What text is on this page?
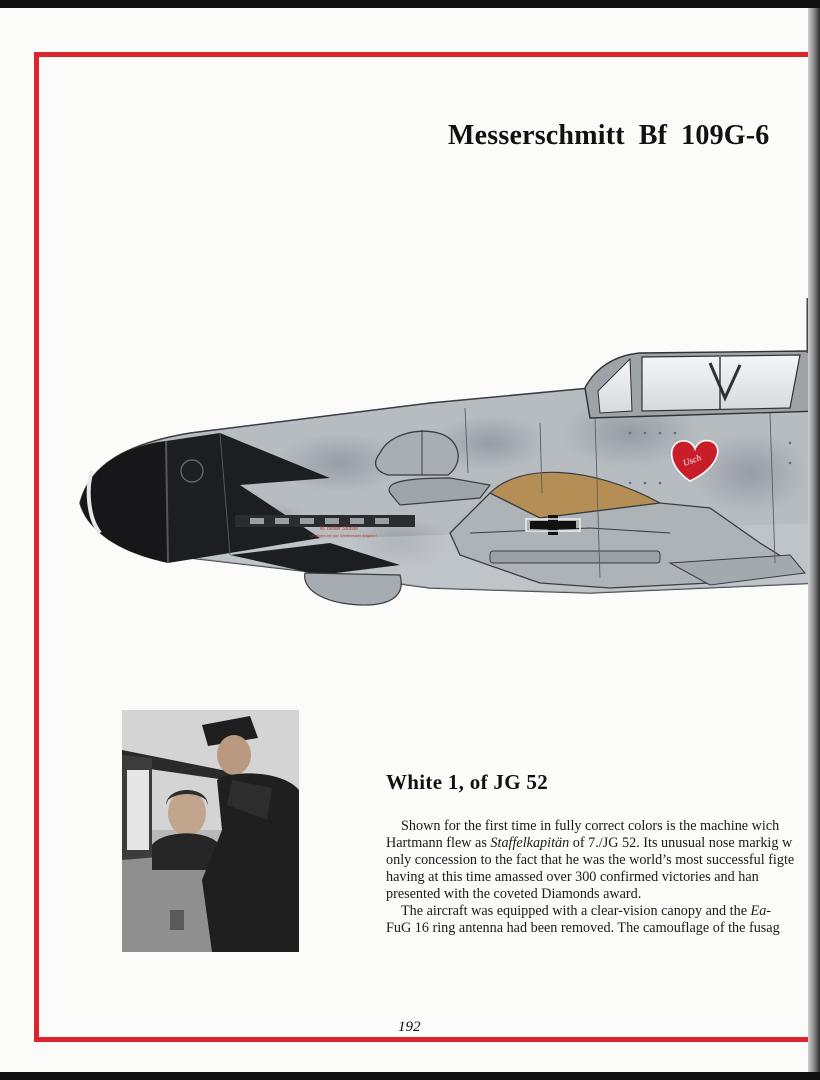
Messerschmitt Bf 109G-6
Usch
M. bester Stunde
Leutnant bei der Weltmeister Abgabe!
White 1, of JG 52
Shown for the first time in fully correct colors is the machine wich
Hartmann flew as Staffelkapitän of 7./JG 52. Its unusual nose markig w
only concession to the fact that he was the world’s most successful figte
having at this time amassed over 300 confirmed victories and han
presented with the coveted Diamonds award.
The aircraft was equipped with a clear-vision canopy and the Ea-
FuG 16 ring antenna had been removed. The camouflage of the fusag
192
